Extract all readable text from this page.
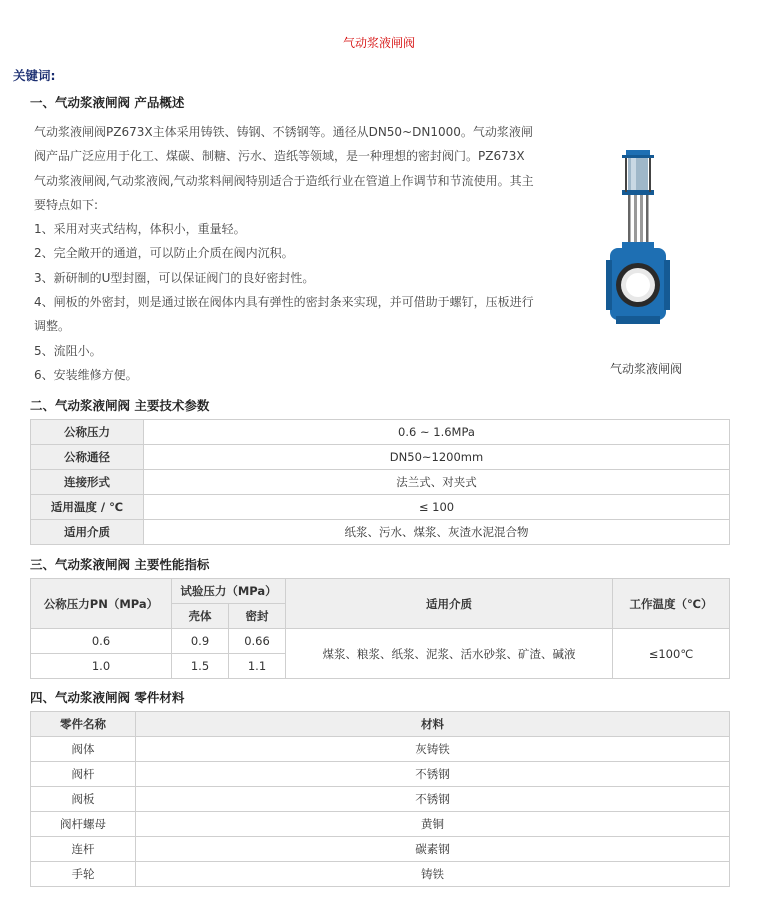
气动浆液闸阀
关键词:
一、气动浆液闸阀 产品概述

气动浆液闸阀PZ673X主体采用铸铁、铸钢、不锈钢等。通径从DN50~DN1000。气动浆液闸阀产品广泛应用于化工、煤碳、制糖、污水、造纸等领域，是一种理想的密封阀门。PZ673X气动浆液闸阀,气动浆液阀,气动浆料闸阀特别适合于造纸行业在管道上作调节和节流使用。其主要特点如下:

1、采用对夹式结构，体积小，重量轻。

2、完全敞开的通道，可以防止介质在阀内沉积。

3、新研制的U型封圈，可以保证阀门的良好密封性。

4、闸板的外密封，则是通过嵌在阀体内具有弹性的密封条来实现，并可借助于螺钉，压板进行调整。

5、流阻小。

6、安装维修方便。	气动浆液闸阀
二、气动浆液闸阀 主要技术参数
公称压力	0.6 ~ 1.6MPa
公称通径	DN50~1200mm
连接形式	法兰式、对夹式
适用温度 / ℃	≤ 100
适用介质	纸浆、污水、煤浆、灰渣水泥混合物
三、气动浆液闸阀 主要性能指标
公称压力PN（MPa）	试验压力（MPa）		适用介质	工作温度（℃）
	壳体	密封		
0.6	0.9	0.66	煤浆、粮浆、纸浆、泥浆、活水砂浆、矿渣、碱液	≤100℃
1.0	1.5	1.1		
四、气动浆液闸阀 零件材料
零件名称	材料
阀体	灰铸铁
阀杆	不锈钢
阀板	不锈钢
阀杆螺母	黄铜
连杆	碳素钢
手轮	铸铁
